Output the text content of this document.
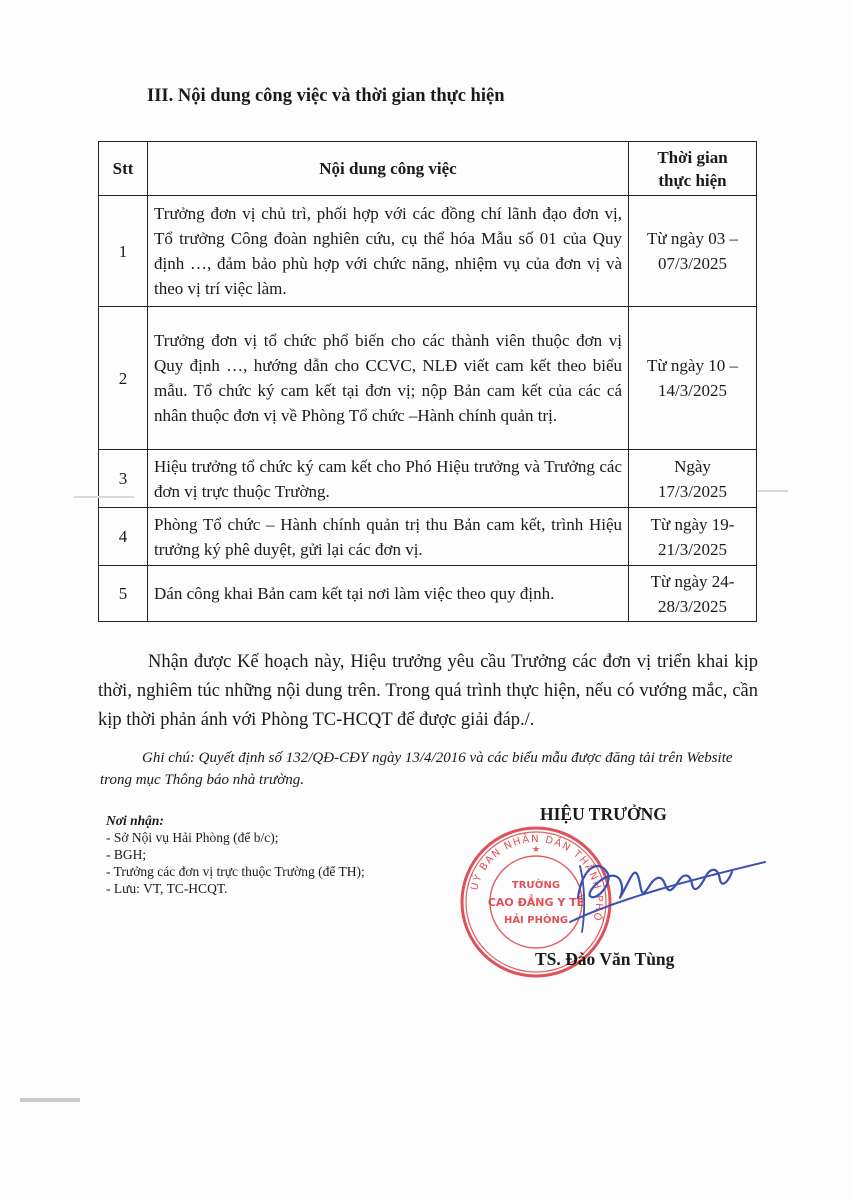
III. Nội dung công việc và thời gian thực hiện
Stt	Nội dung công việc	Thời gian
thực hiện

1	Trưởng đơn vị chủ trì, phối hợp với các đồng chí lãnh đạo đơn vị, Tổ trưởng Công đoàn nghiên cứu, cụ thể hóa Mẫu số 01 của Quy định …, đảm bảo phù hợp với chức năng, nhiệm vụ của đơn vị và theo vị trí việc làm.	Từ ngày 03 –
07/3/2025

2	Trưởng đơn vị tổ chức phổ biến cho các thành viên thuộc đơn vị Quy định …, hướng dẫn cho CCVC, NLĐ viết cam kết theo biểu mẫu. Tổ chức ký cam kết tại đơn vị; nộp Bản cam kết của các cá nhân thuộc đơn vị về Phòng Tổ chức –Hành chính quản trị.	Từ ngày 10 –
14/3/2025

3	Hiệu trưởng tổ chức ký cam kết cho Phó Hiệu trưởng và Trưởng các đơn vị trực thuộc Trường.	Ngày
17/3/2025

4	Phòng Tổ chức – Hành chính quản trị thu Bản cam kết, trình Hiệu trưởng ký phê duyệt, gửi lại các đơn vị.	Từ ngày 19-
21/3/2025

5	Dán công khai Bản cam kết tại nơi làm việc theo quy định.	Từ ngày 24-
28/3/2025
Nhận được Kế hoạch này, Hiệu trưởng yêu cầu Trưởng các đơn vị triển khai kịp thời, nghiêm túc những nội dung trên. Trong quá trình thực hiện, nếu có vướng mắc, cần kịp thời phản ánh với Phòng TC-HCQT để được giải đáp./.
Ghi chú: Quyết định số 132/QĐ-CĐY ngày 13/4/2016 và các biểu mẫu được đăng tải trên Website trong mục Thông báo nhà trường.
Nơi nhận:
- Sở Nội vụ Hải Phòng (để b/c);
- BGH;
- Trưởng các đơn vị trực thuộc Trường (để TH);
- Lưu: VT, TC-HCQT.
HIỆU TRƯỞNG
UỶ BAN NHÂN DÂN THÀNH PHỐ
TRƯỜNG
CAO ĐẲNG Y TẾ
HẢI PHÒNG
★
TS. Đào Văn Tùng
